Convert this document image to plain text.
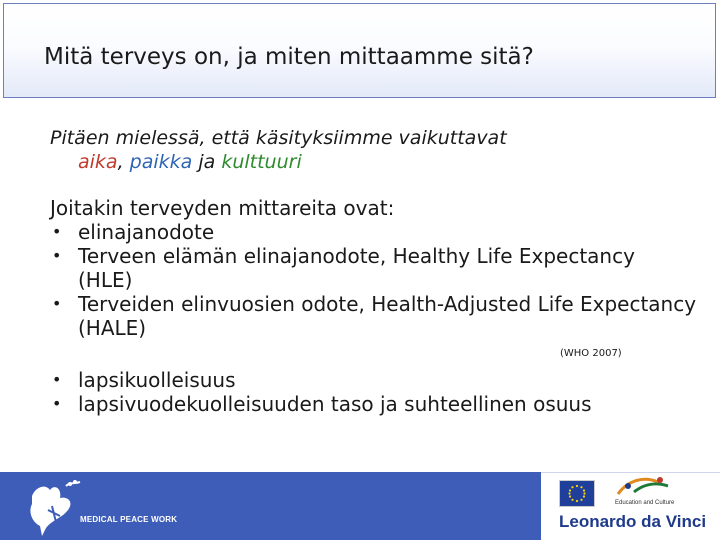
Mitä terveys on, ja miten mittaamme sitä?
Pitäen mielessä, että käsityksiimme vaikuttavat
aika, paikka ja kulttuuri
Joitakin terveyden mittareita ovat:
• elinajanodote
• Terveen elämän elinajanodote, Healthy Life Expectancy (HLE)
• Terveiden elinvuosien odote, Health-Adjusted Life Expectancy (HALE)
(WHO 2007)
• lapsikuolleisuus
• lapsivuodekuolleisuuden taso ja suhteellinen osuus
MEDICAL PEACE WORK
Education and Culture
Leonardo da Vinci
